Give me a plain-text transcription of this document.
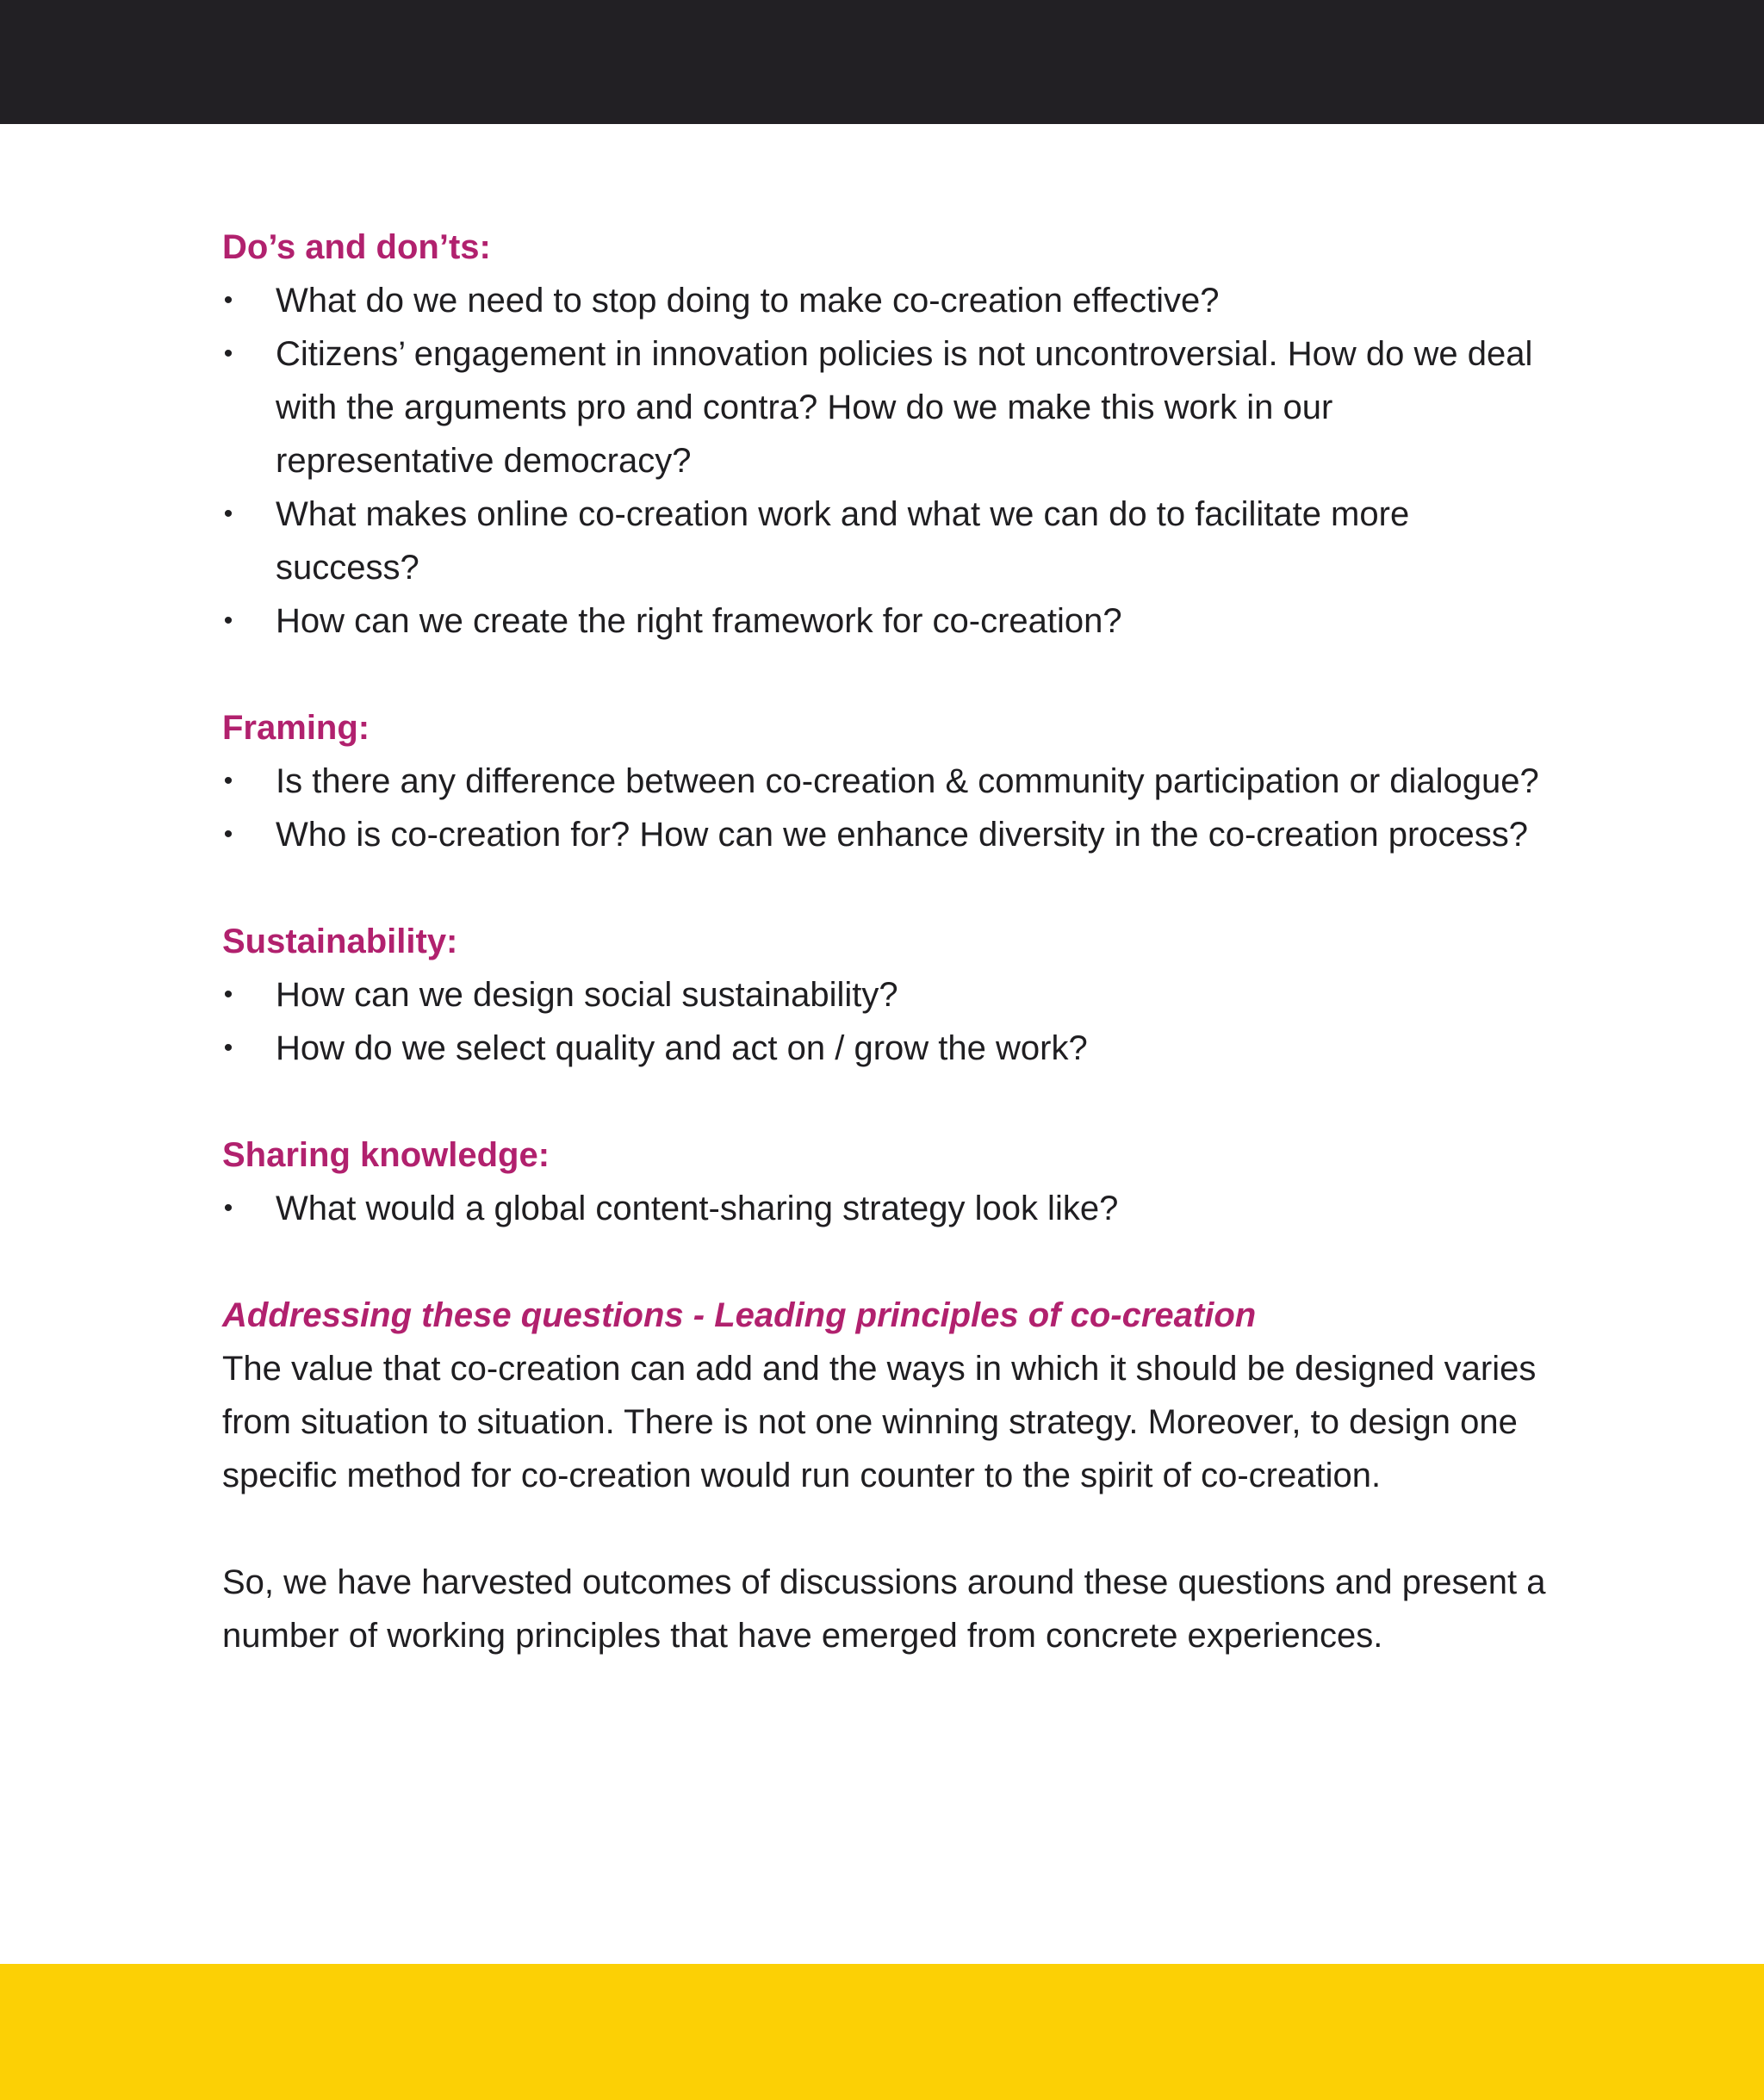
Do’s and don’ts:
• What do we need to stop doing to make co-creation effective?
• Citizens’ engagement in innovation policies is not uncontroversial. How do we deal with the arguments pro and contra? How do we make this work in our representative democracy?
• What makes online co-creation work and what we can do to facilitate more success?
• How can we create the right framework for co-creation?
Framing:
• Is there any difference between co-creation & community participation or dialogue?
• Who is co-creation for? How can we enhance diversity in the co-creation process?
Sustainability:
• How can we design social sustainability?
• How do we select quality and act on / grow the work?
Sharing knowledge:
• What would a global content-sharing strategy look like?
Addressing these questions - Leading principles of co-creation

The value that co-creation can add and the ways in which it should be designed varies from situation to situation. There is not one winning strategy. Moreover, to design one specific method for co-creation would run counter to the spirit of co-creation.

So, we have harvested outcomes of discussions around these questions and present a number of working principles that have emerged from concrete experiences.
